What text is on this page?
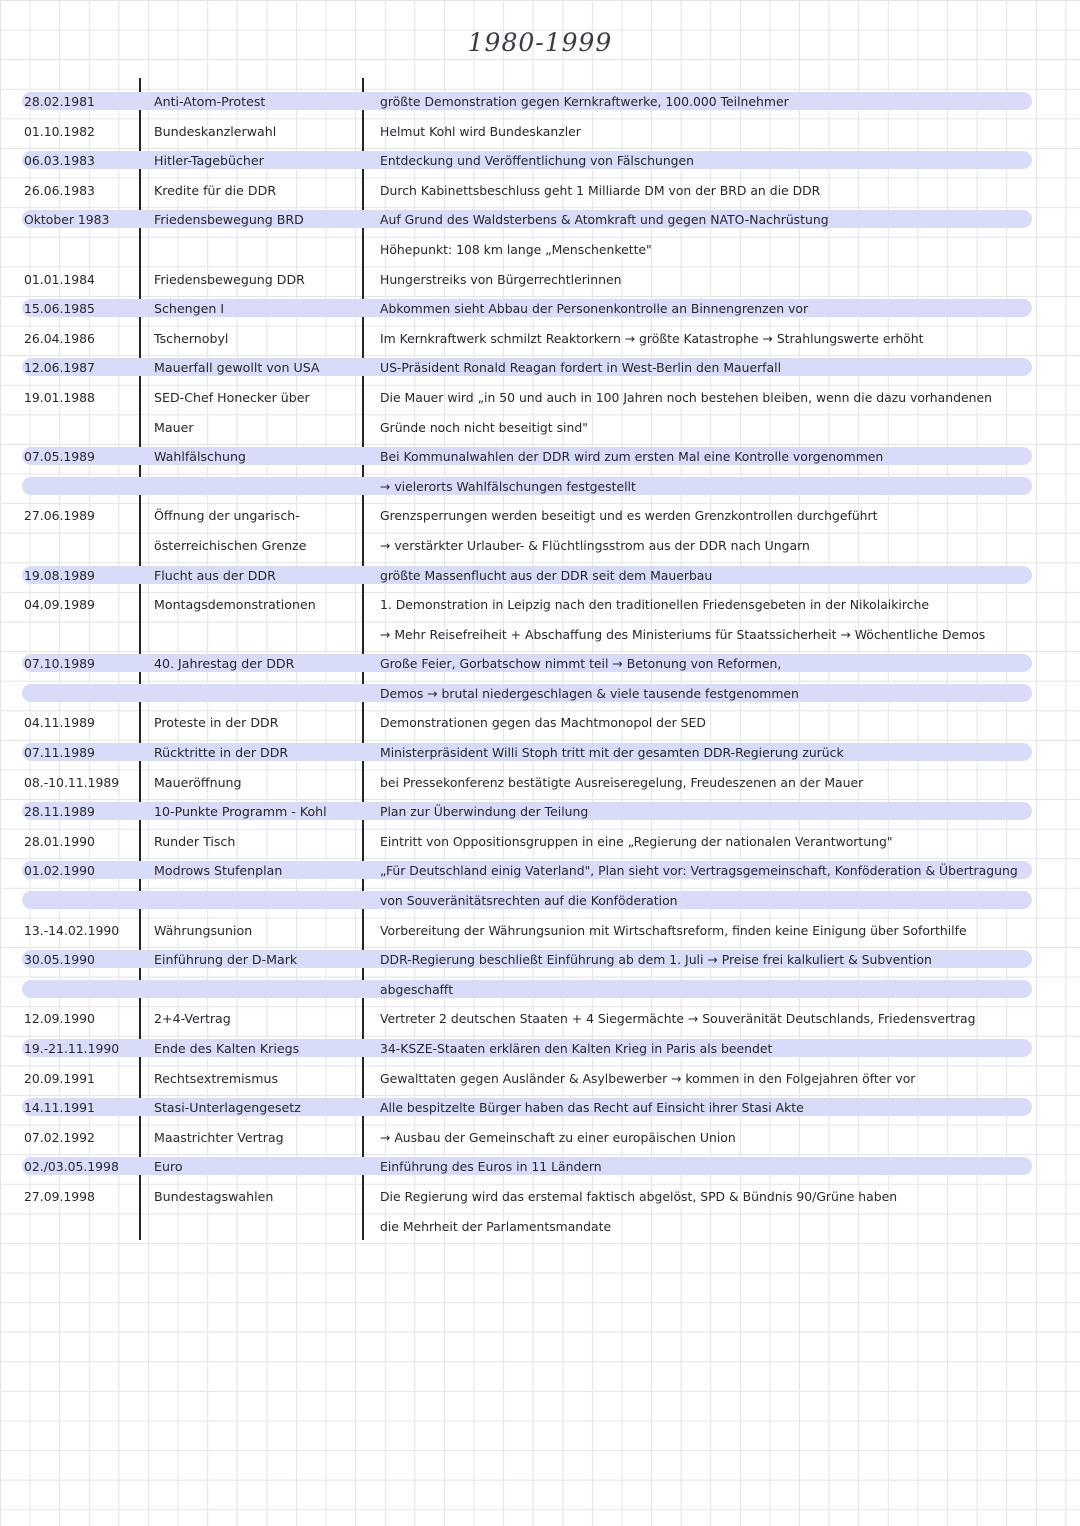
1980-1999
28.02.1981	Anti-Atom-Protest	größte Demonstration gegen Kernkraftwerke, 100.000 Teilnehmer
01.10.1982	Bundeskanzlerwahl	Helmut Kohl wird Bundeskanzler
06.03.1983	Hitler-Tagebücher	Entdeckung und Veröffentlichung von Fälschungen
26.06.1983	Kredite für die DDR	Durch Kabinettsbeschluss geht 1 Milliarde DM von der BRD an die DDR
Oktober 1983	Friedensbewegung BRD	Auf Grund des Waldsterbens & Atomkraft und gegen NATO-Nachrüstung
Höhepunkt: 108 km lange „Menschenkette"
01.01.1984	Friedensbewegung DDR	Hungerstreiks von Bürgerrechtlerinnen
15.06.1985	Schengen I	Abkommen sieht Abbau der Personenkontrolle an Binnengrenzen vor
26.04.1986	Tschernobyl	Im Kernkraftwerk schmilzt Reaktorkern → größte Katastrophe → Strahlungswerte erhöht
12.06.1987	Mauerfall gewollt von USA	US-Präsident Ronald Reagan fordert in West-Berlin den Mauerfall
19.01.1988	SED-Chef Honecker über	Die Mauer wird „in 50 und auch in 100 Jahren noch bestehen bleiben, wenn die dazu vorhandenen
Mauer	Gründe noch nicht beseitigt sind"
07.05.1989	Wahlfälschung	Bei Kommunalwahlen der DDR wird zum ersten Mal eine Kontrolle vorgenommen
→ vielerorts Wahlfälschungen festgestellt
27.06.1989	Öffnung der ungarisch-	Grenzsperrungen werden beseitigt und es werden Grenzkontrollen durchgeführt
österreichischen Grenze	→ verstärkter Urlauber- & Flüchtlingsstrom aus der DDR nach Ungarn
19.08.1989	Flucht aus der DDR	größte Massenflucht aus der DDR seit dem Mauerbau
04.09.1989	Montagsdemonstrationen	1. Demonstration in Leipzig nach den traditionellen Friedensgebeten in der Nikolaikirche
→ Mehr Reisefreiheit + Abschaffung des Ministeriums für Staatssicherheit → Wöchentliche Demos
07.10.1989	40. Jahrestag der DDR	Große Feier, Gorbatschow nimmt teil → Betonung von Reformen,
Demos → brutal niedergeschlagen & viele tausende festgenommen
04.11.1989	Proteste in der DDR	Demonstrationen gegen das Machtmonopol der SED
07.11.1989	Rücktritte in der DDR	Ministerpräsident Willi Stoph tritt mit der gesamten DDR-Regierung zurück
08.-10.11.1989	Maueröffnung	bei Pressekonferenz bestätigte Ausreiseregelung, Freudeszenen an der Mauer
28.11.1989	10-Punkte Programm - Kohl	Plan zur Überwindung der Teilung
28.01.1990	Runder Tisch	Eintritt von Oppositionsgruppen in eine „Regierung der nationalen Verantwortung"
01.02.1990	Modrows Stufenplan	„Für Deutschland einig Vaterland", Plan sieht vor: Vertragsgemeinschaft, Konföderation & Übertragung
von Souveränitätsrechten auf die Konföderation
13.-14.02.1990	Währungsunion	Vorbereitung der Währungsunion mit Wirtschaftsreform, finden keine Einigung über Soforthilfe
30.05.1990	Einführung der D-Mark	DDR-Regierung beschließt Einführung ab dem 1. Juli → Preise frei kalkuliert & Subvention
abgeschafft
12.09.1990	2+4-Vertrag	Vertreter 2 deutschen Staaten + 4 Siegermächte → Souveränität Deutschlands, Friedensvertrag
19.-21.11.1990	Ende des Kalten Kriegs	34-KSZE-Staaten erklären den Kalten Krieg in Paris als beendet
20.09.1991	Rechtsextremismus	Gewalttaten gegen Ausländer & Asylbewerber → kommen in den Folgejahren öfter vor
14.11.1991	Stasi-Unterlagengesetz	Alle bespitzelte Bürger haben das Recht auf Einsicht ihrer Stasi Akte
07.02.1992	Maastrichter Vertrag	→ Ausbau der Gemeinschaft zu einer europäischen Union
02./03.05.1998	Euro	Einführung des Euros in 11 Ländern
27.09.1998	Bundestagswahlen	Die Regierung wird das erstemal faktisch abgelöst, SPD & Bündnis 90/Grüne haben
die Mehrheit der Parlamentsmandate
